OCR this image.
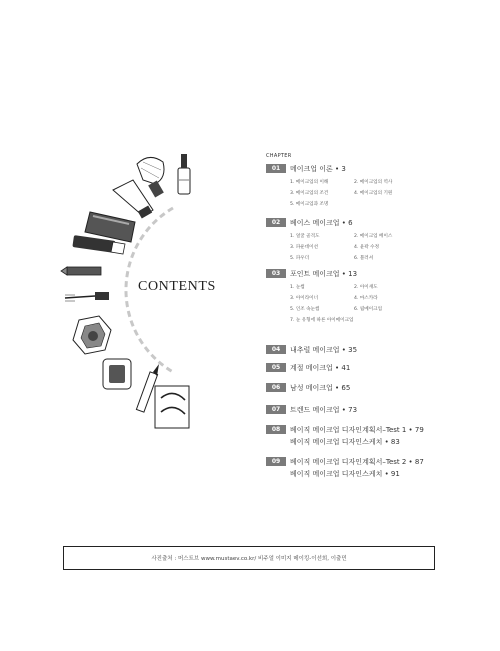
CONTENTS
CHAPTER
01	메이크업 이론 • 3
1. 메이크업의 이해	2. 메이크업의 역사
3. 메이크업의 조건	4. 메이크업의 기원
5. 메이크업과 조명
02	베이스 메이크업 • 6
1. 얼굴 골격도	2. 메이크업 베이스
3. 파운데이션	4. 윤곽 수정
5. 파우더	6. 블러셔
03	포인트 메이크업 • 13
1. 눈썹	2. 아이섀도
3. 아이라이너	4. 마스카라
5. 인조 속눈썹	6. 립메이크업
7. 눈 유형에 따른 아이메이크업
04	내추럴 메이크업 • 35
05	계절 메이크업 • 41
06	남성 메이크업 • 65
07	트렌드 메이크업 • 73
08	베이직 메이크업 디자인계획서–Test 1 • 79
베이직 메이크업 디자인스케치 • 83
09	베이직 메이크업 디자인계획서–Test 2 • 87
베이직 메이크업 디자인스케치 • 91
사진출처 : 머스트브 www.mustaev.co.kr/ 비주얼 이미지 메이킹-이선희, 이출민
